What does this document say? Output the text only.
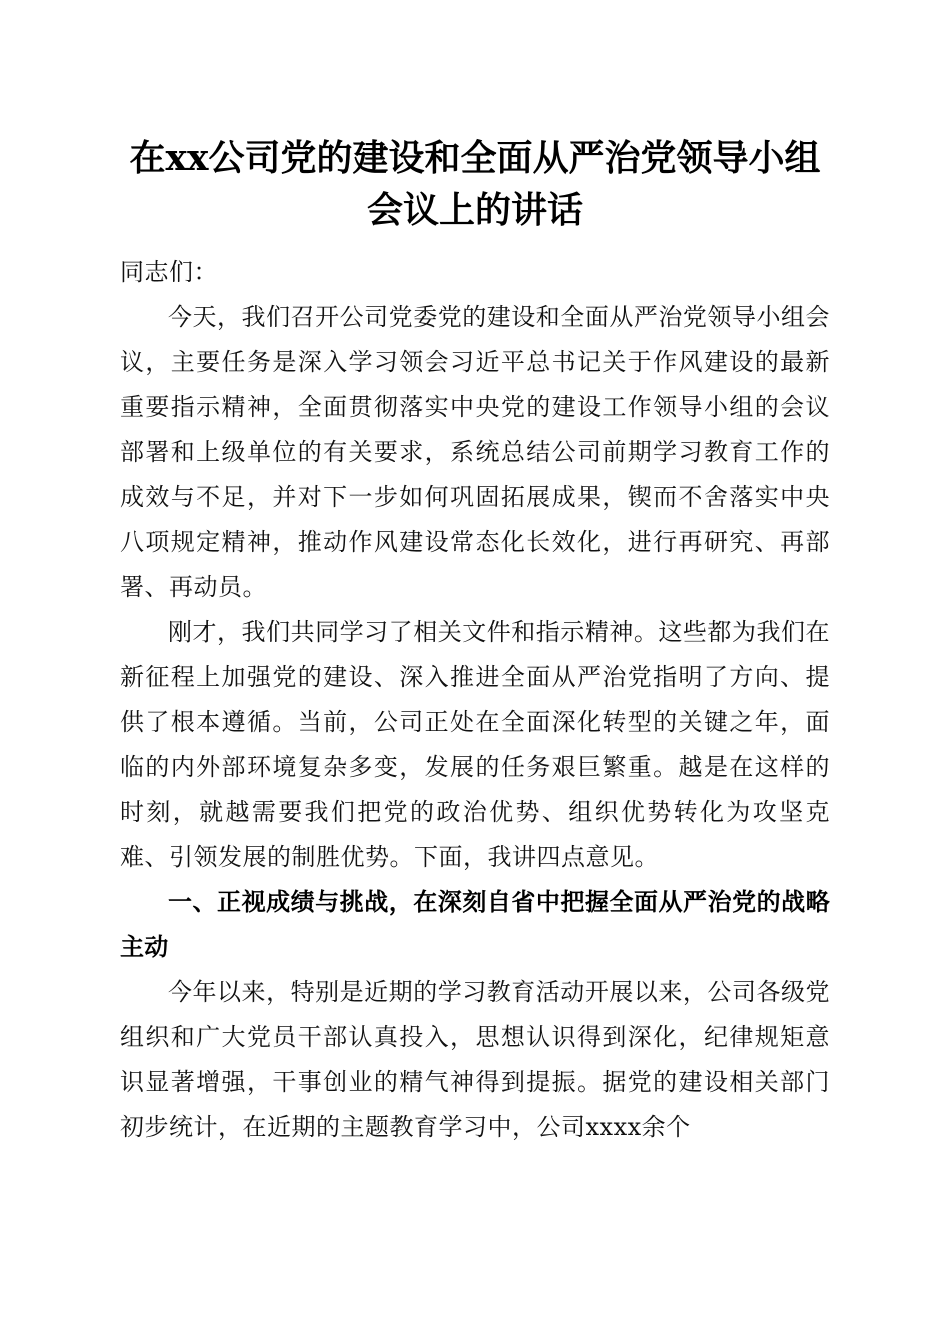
在xx公司党的建设和全面从严治党领导小组
会议上的讲话

同志们：

今天，我们召开公司党委党的建设和全面从严治党领导小组会议，主要任务是深入学习领会习近平总书记关于作风建设的最新重要指示精神，全面贯彻落实中央党的建设工作领导小组的会议部署和上级单位的有关要求，系统总结公司前期学习教育工作的成效与不足，并对下一步如何巩固拓展成果，锲而不舍落实中央八项规定精神，推动作风建设常态化长效化，进行再研究、再部署、再动员。

刚才，我们共同学习了相关文件和指示精神。这些都为我们在新征程上加强党的建设、深入推进全面从严治党指明了方向、提供了根本遵循。当前，公司正处在全面深化转型的关键之年，面临的内外部环境复杂多变，发展的任务艰巨繁重。越是在这样的时刻，就越需要我们把党的政治优势、组织优势转化为攻坚克难、引领发展的制胜优势。下面，我讲四点意见。

一、正视成绩与挑战，在深刻自省中把握全面从严治党的战略主动

今年以来，特别是近期的学习教育活动开展以来，公司各级党组织和广大党员干部认真投入，思想认识得到深化，纪律规矩意识显著增强，干事创业的精气神得到提振。据党的建设相关部门初步统计，在近期的主题教育学习中，公司xxxx余个
